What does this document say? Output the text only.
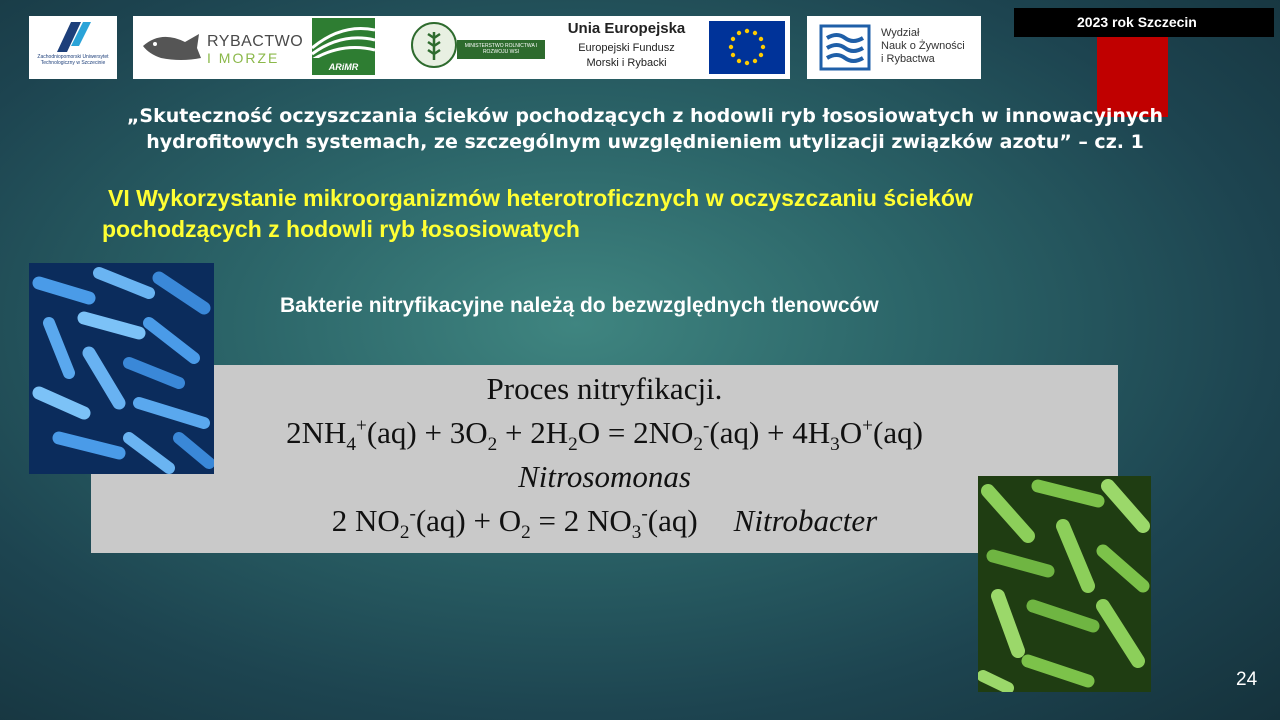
Zachodniopomorski Uniwersytet Technologiczny w Szczecinie
RYBACTWO
I MORZE
ARiMR
MINISTERSTWO ROLNICTWA I ROZWOJU WSI
Unia Europejska
Europejski Fundusz
Morski i Rybacki
Wydział
Nauk o Żywności
i Rybactwa
2023 rok Szczecin
„Skuteczność oczyszczania ścieków pochodzących z hodowli ryb łososiowatych w innowacyjnych
hydrofitowych systemach, ze szczególnym uwzględnieniem utylizacji związków azotu” – cz. 1
VI Wykorzystanie mikroorganizmów heterotroficznych w oczyszczaniu ścieków
pochodzących z hodowli ryb łososiowatych
Bakterie nitryfikacyjne należą do bezwzględnych tlenowców
Proces nitryfikacji.
$2NH_4^+(aq) + 3O_2 + 2H_2O = 2NO_2^-(aq) + 4H_3O^+(aq)$
Nitrosomonas
2 $NO_2^-(aq) + O_2 = 2$ $NO_3^-(aq)$ Nitrobacter
24
